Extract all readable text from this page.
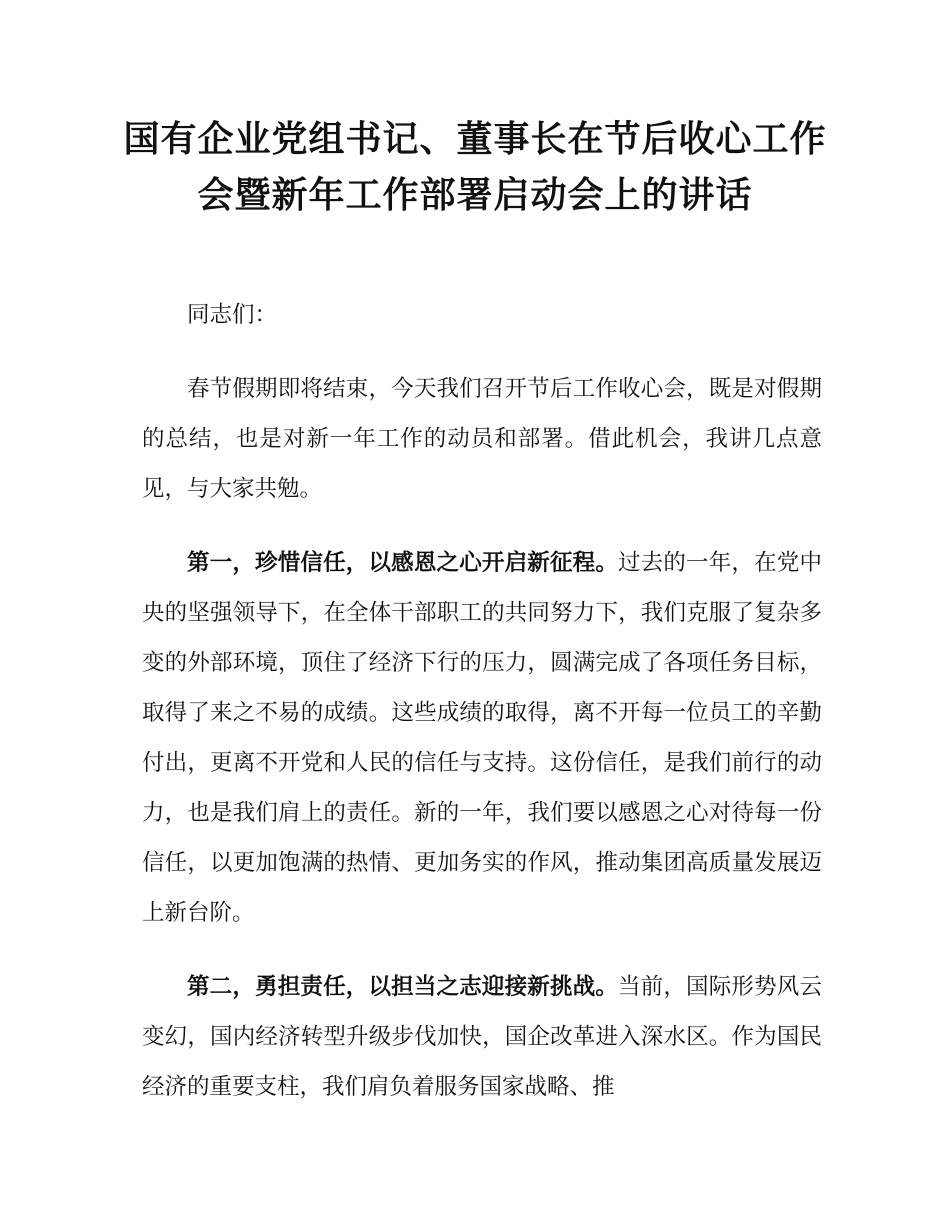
国有企业党组书记、董事长在节后收心工作
会暨新年工作部署启动会上的讲话

同志们：

春节假期即将结束，今天我们召开节后工作收心会，既是对假期的总结，也是对新一年工作的动员和部署。借此机会，我讲几点意见，与大家共勉。

第一，珍惜信任，以感恩之心开启新征程。过去的一年，在党中央的坚强领导下，在全体干部职工的共同努力下，我们克服了复杂多变的外部环境，顶住了经济下行的压力，圆满完成了各项任务目标，取得了来之不易的成绩。这些成绩的取得，离不开每一位员工的辛勤付出，更离不开党和人民的信任与支持。这份信任，是我们前行的动力，也是我们肩上的责任。新的一年，我们要以感恩之心对待每一份信任，以更加饱满的热情、更加务实的作风，推动集团高质量发展迈上新台阶。

第二，勇担责任，以担当之志迎接新挑战。当前，国际形势风云变幻，国内经济转型升级步伐加快，国企改革进入深水区。作为国民经济的重要支柱，我们肩负着服务国家战略、推
